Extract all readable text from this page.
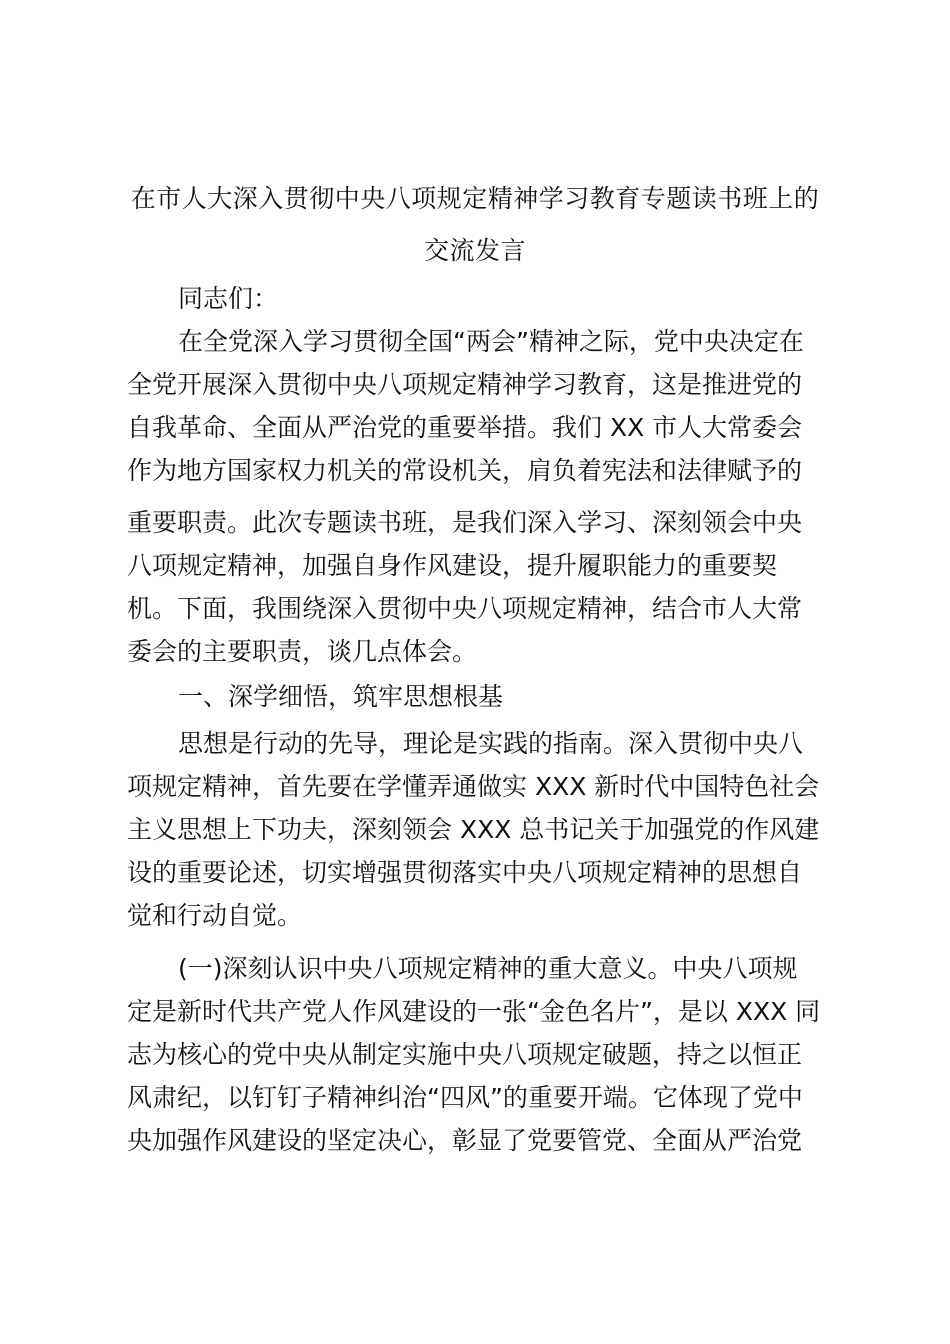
在市人大深入贯彻中央八项规定精神学习教育专题读书班上的
交流发言

同志们：

在全党深入学习贯彻全国“两会”精神之际，党中央决定在

全党开展深入贯彻中央八项规定精神学习教育，这是推进党的

自我革命、全面从严治党的重要举措。我们 XX 市人大常委会

作为地方国家权力机关的常设机关，肩负着宪法和法律赋予的

重要职责。此次专题读书班，是我们深入学习、深刻领会中央

八项规定精神，加强自身作风建设，提升履职能力的重要契

机。下面，我围绕深入贯彻中央八项规定精神，结合市人大常

委会的主要职责，谈几点体会。

一、深学细悟，筑牢思想根基

思想是行动的先导，理论是实践的指南。深入贯彻中央八

项规定精神，首先要在学懂弄通做实 XXX 新时代中国特色社会

主义思想上下功夫，深刻领会 XXX 总书记关于加强党的作风建

设的重要论述，切实增强贯彻落实中央八项规定精神的思想自

觉和行动自觉。

(一)深刻认识中央八项规定精神的重大意义。中央八项规

定是新时代共产党人作风建设的一张“金色名片”，是以 XXX 同

志为核心的党中央从制定实施中央八项规定破题，持之以恒正

风肃纪，以钉钉子精神纠治“四风”的重要开端。它体现了党中

央加强作风建设的坚定决心，彰显了党要管党、全面从严治党
